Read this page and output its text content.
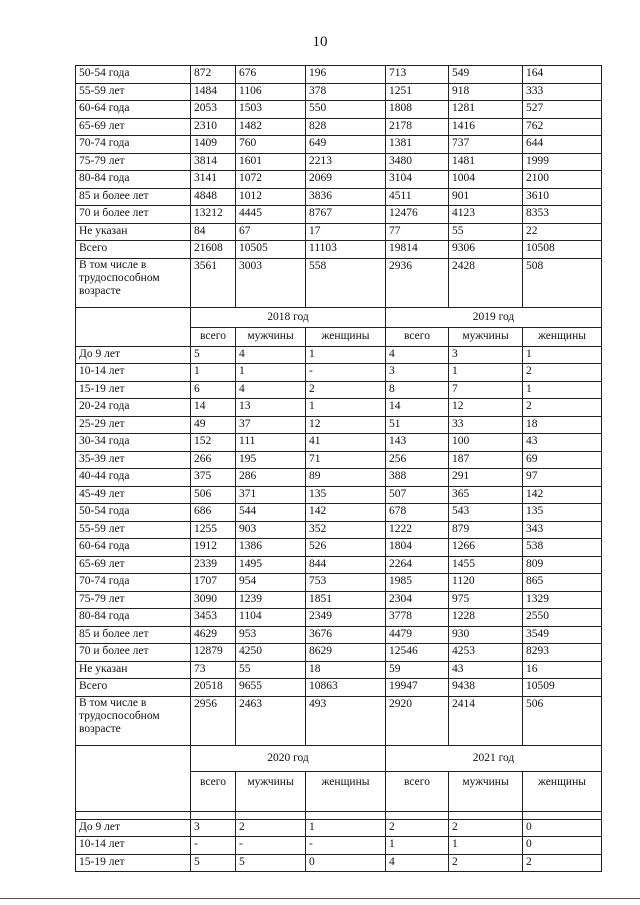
10
50-54 года	872	676	196	713	549	164
55-59 лет	1484	1106	378	1251	918	333
60-64 года	2053	1503	550	1808	1281	527
65-69 лет	2310	1482	828	2178	1416	762
70-74 года	1409	760	649	1381	737	644
75-79 лет	3814	1601	2213	3480	1481	1999
80-84 года	3141	1072	2069	3104	1004	2100
85 и более лет	4848	1012	3836	4511	901	3610
70 и более лет	13212	4445	8767	12476	4123	8353
Не указан	84	67	17	77	55	22
Всего	21608	10505	11103	19814	9306	10508
В том числе в трудоспособном возрасте	3561	3003	558	2936	2428	508
	2018 год			2019 год		
	всего	мужчины	женщины	всего	мужчины	женщины
До 9 лет	5	4	1	4	3	1
10-14 лет	1	1	-	3	1	2
15-19 лет	6	4	2	8	7	1
20-24 года	14	13	1	14	12	2
25-29 лет	49	37	12	51	33	18
30-34 года	152	111	41	143	100	43
35-39 лет	266	195	71	256	187	69
40-44 года	375	286	89	388	291	97
45-49 лет	506	371	135	507	365	142
50-54 года	686	544	142	678	543	135
55-59 лет	1255	903	352	1222	879	343
60-64 года	1912	1386	526	1804	1266	538
65-69 лет	2339	1495	844	2264	1455	809
70-74 года	1707	954	753	1985	1120	865
75-79 лет	3090	1239	1851	2304	975	1329
80-84 года	3453	1104	2349	3778	1228	2550
85 и более лет	4629	953	3676	4479	930	3549
70 и более лет	12879	4250	8629	12546	4253	8293
Не указан	73	55	18	59	43	16
Всего	20518	9655	10863	19947	9438	10509
В том числе в трудоспособном возрасте	2956	2463	493	2920	2414	506
	2020 год			2021 год		
	всего	мужчины	женщины	всего	мужчины	женщины

До 9 лет	3	2	1	2	2	0
10-14 лет	-	-	-	1	1	0
15-19 лет	5	5	0	4	2	2
